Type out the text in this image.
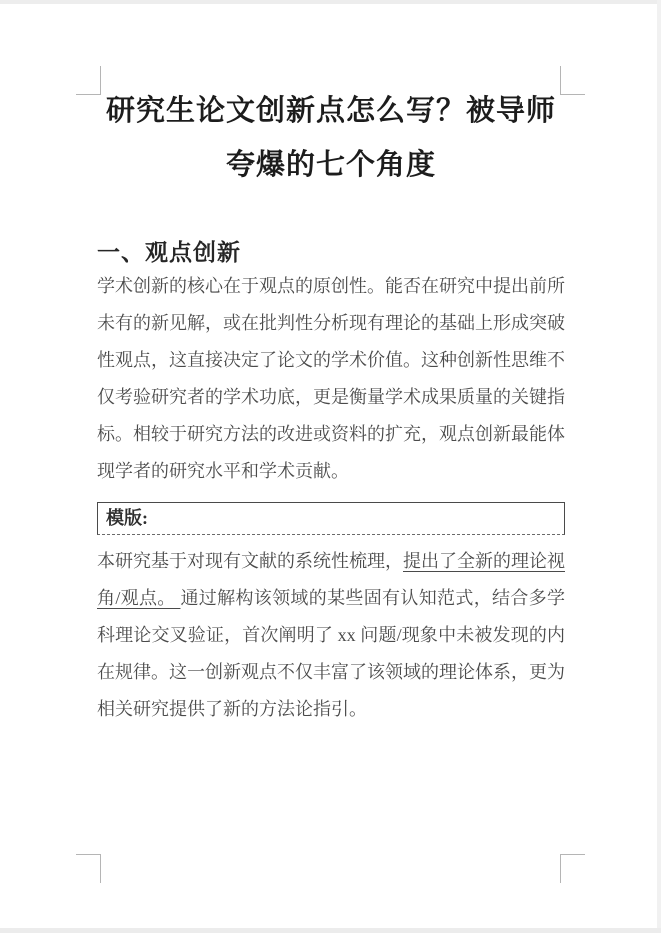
研究生论文创新点怎么写？被导师
夸爆的七个角度
一、观点创新

学术创新的核心在于观点的原创性。能否在研究中提出前所未有的新见解，或在批判性分析现有理论的基础上形成突破性观点，这直接决定了论文的学术价值。这种创新性思维不仅考验研究者的学术功底，更是衡量学术成果质量的关键指标。相较于研究方法的改进或资料的扩充，观点创新最能体现学者的研究水平和学术贡献。

模版:

本研究基于对现有文献的系统性梳理，提出了全新的理论视角/观点。 通过解构该领域的某些固有认知范式，结合多学科理论交叉验证，首次阐明了 xx 问题/现象中未被发现的内在规律。这一创新观点不仅丰富了该领域的理论体系，更为相关研究提供了新的方法论指引。
